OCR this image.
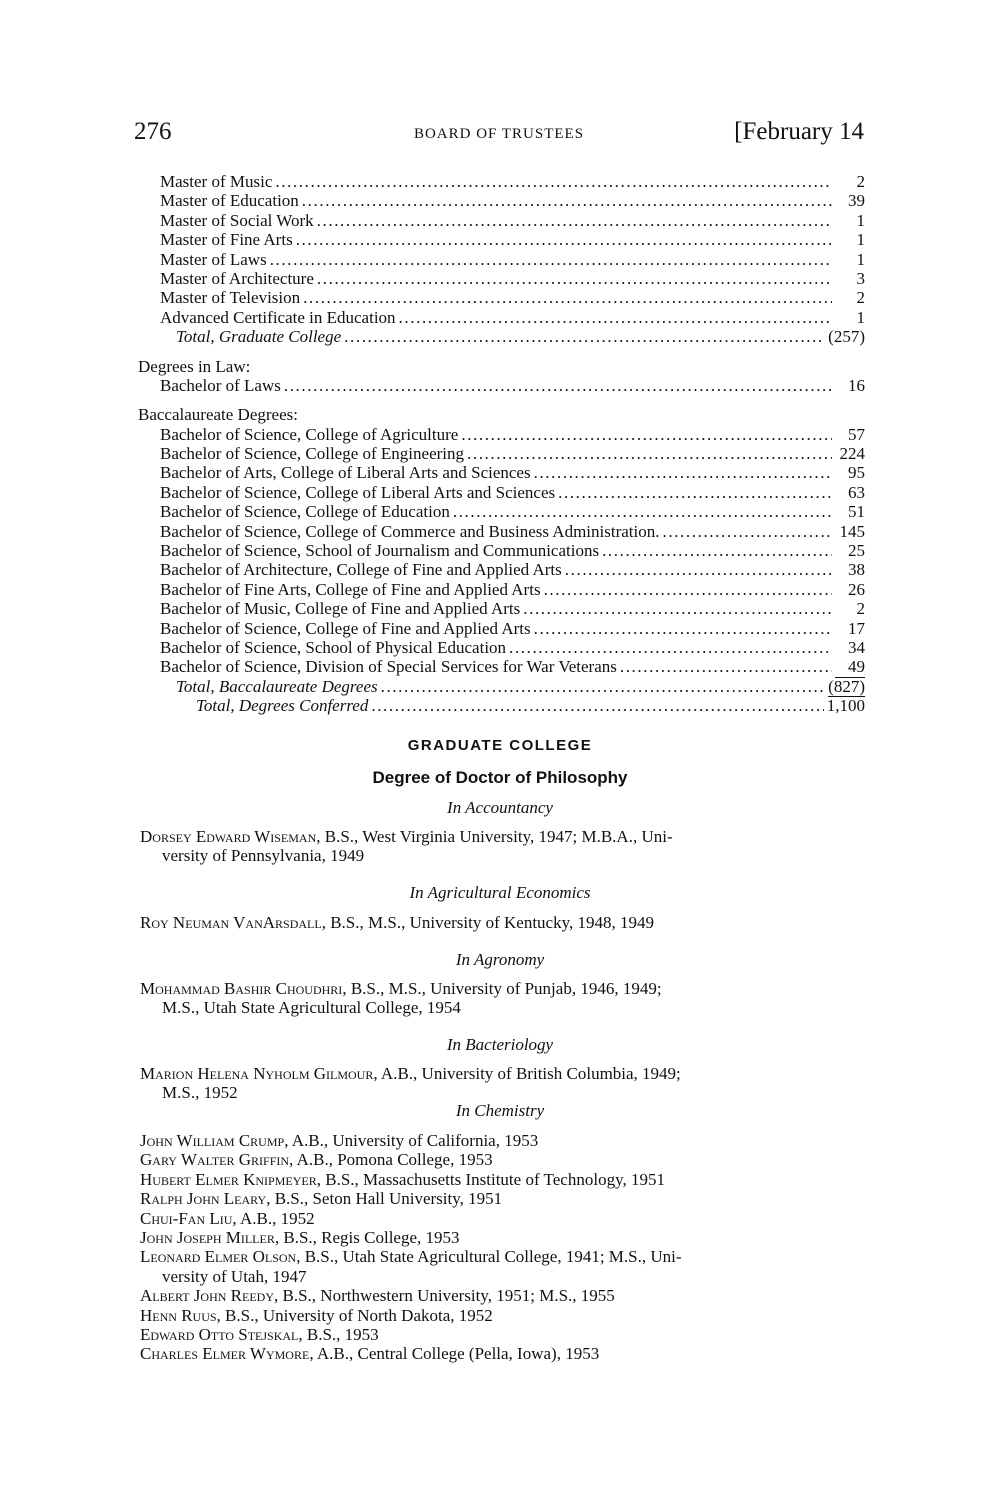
276	BOARD OF TRUSTEES	[February 14
Master of Music .....	2
Master of Education .....	39
Master of Social Work .....	1
Master of Fine Arts .....	1
Master of Laws .....	1
Master of Architecture .....	3
Master of Television .....	2
Advanced Certificate in Education .....	1
Total, Graduate College .....	(257)
Degrees in Law:
Bachelor of Laws .....	16
Baccalaureate Degrees:
Bachelor of Science, College of Agriculture .....	57
Bachelor of Science, College of Engineering .....	224
Bachelor of Arts, College of Liberal Arts and Sciences .....	95
Bachelor of Science, College of Liberal Arts and Sciences .....	63
Bachelor of Science, College of Education .....	51
Bachelor of Science, College of Commerce and Business Administration. .....	145
Bachelor of Science, School of Journalism and Communications .....	25
Bachelor of Architecture, College of Fine and Applied Arts .....	38
Bachelor of Fine Arts, College of Fine and Applied Arts .....	26
Bachelor of Music, College of Fine and Applied Arts .....	2
Bachelor of Science, College of Fine and Applied Arts .....	17
Bachelor of Science, School of Physical Education .....	34
Bachelor of Science, Division of Special Services for War Veterans .....	49
Total, Baccalaureate Degrees .....	(827)
Total, Degrees Conferred .....	1,100
GRADUATE COLLEGE
Degree of Doctor of Philosophy
In Accountancy
Dorsey Edward Wiseman, B.S., West Virginia University, 1947; M.B.A., Uni-
versity of Pennsylvania, 1949
In Agricultural Economics
Roy Neuman VanArsdall, B.S., M.S., University of Kentucky, 1948, 1949
In Agronomy
Mohammad Bashir Choudhri, B.S., M.S., University of Punjab, 1946, 1949;
M.S., Utah State Agricultural College, 1954
In Bacteriology
Marion Helena Nyholm Gilmour, A.B., University of British Columbia, 1949;
M.S., 1952
In Chemistry
John William Crump, A.B., University of California, 1953
Gary Walter Griffin, A.B., Pomona College, 1953
Hubert Elmer Knipmeyer, B.S., Massachusetts Institute of Technology, 1951
Ralph John Leary, B.S., Seton Hall University, 1951
Chui-Fan Liu, A.B., 1952
John Joseph Miller, B.S., Regis College, 1953
Leonard Elmer Olson, B.S., Utah State Agricultural College, 1941; M.S., Uni-
versity of Utah, 1947
Albert John Reedy, B.S., Northwestern University, 1951; M.S., 1955
Henn Ruus, B.S., University of North Dakota, 1952
Edward Otto Stejskal, B.S., 1953
Charles Elmer Wymore, A.B., Central College (Pella, Iowa), 1953
